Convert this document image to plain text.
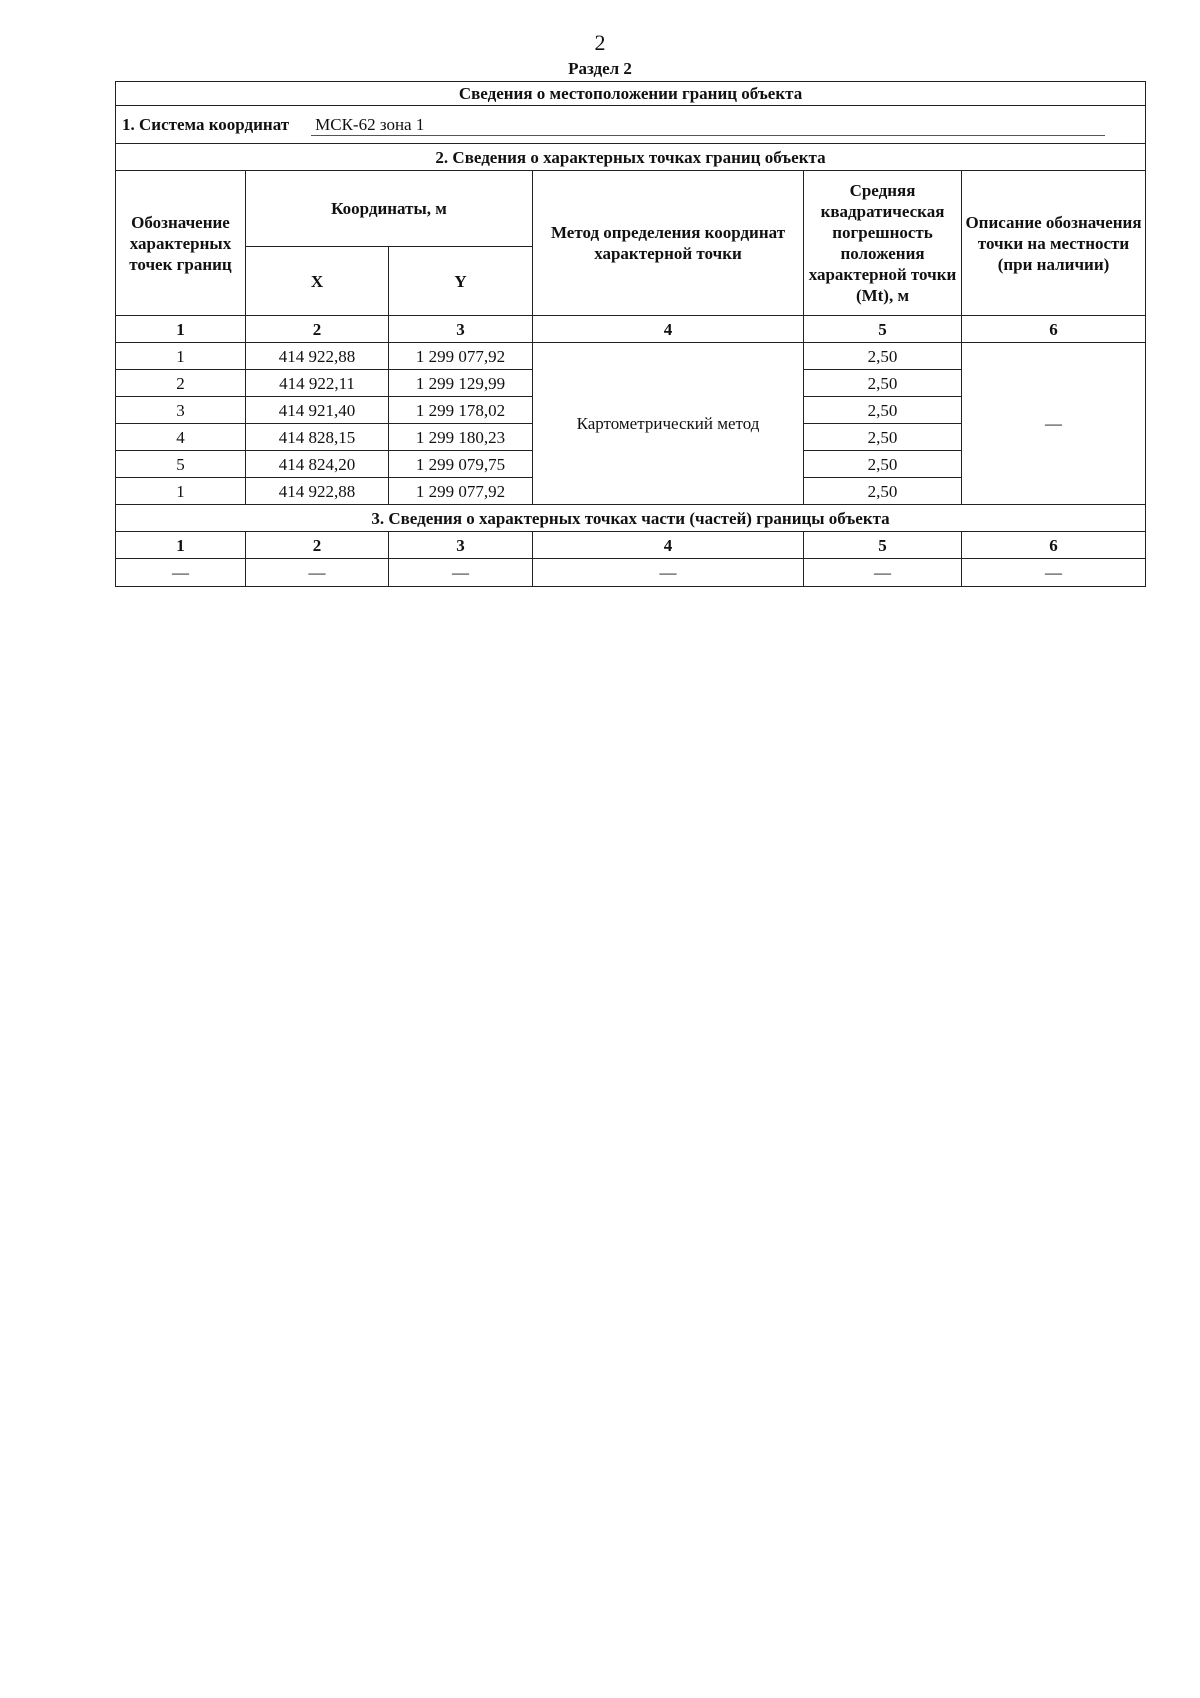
2
Раздел 2
Сведения о местоположении границ объекта					
1. Система координат МСК-62 зона 1					
2. Сведения о характерных точках границ объекта					
Обозначение характерных точек границ	Координаты, м		Метод определения координат характерной точки	Средняя квадратическая погрешность положения характерной точки (Mt), м	Описание обозначения точки на местности (при наличии)
	X	Y			
1	2	3	4	5	6
1	414 922,88	1 299 077,92	Картометрический метод	2,50	—
2	414 922,11	1 299 129,99		2,50	
3	414 921,40	1 299 178,02		2,50	
4	414 828,15	1 299 180,23		2,50	
5	414 824,20	1 299 079,75		2,50	
1	414 922,88	1 299 077,92		2,50	
3. Сведения о характерных точках части (частей) границы объекта					
1	2	3	4	5	6
—	—	—	—	—	—
